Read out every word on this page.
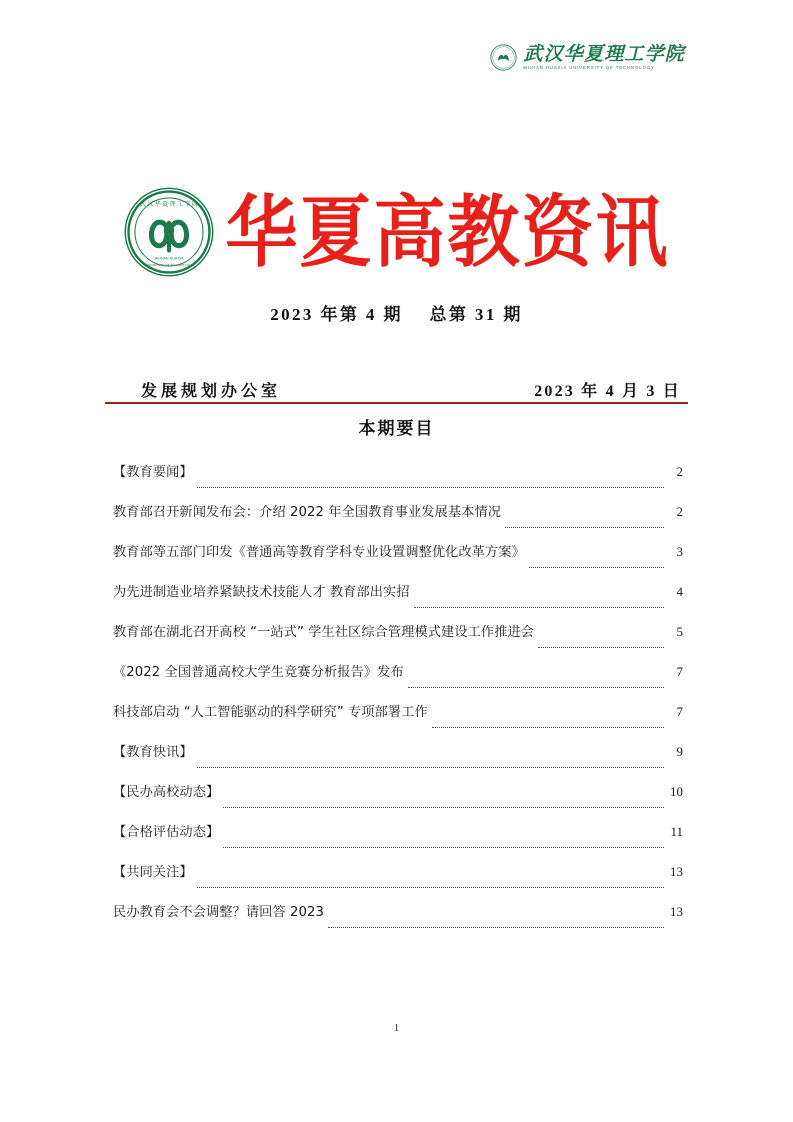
武汉华夏理工学院
WUHAN HUAXIA UNIVERSITY OF TECHNOLOGY
武 汉 华 夏 理 工 学 院
WUHAN HUAXIA
UNIVERSITY OF TECHNOLOGY 华夏高教资讯
2023 年第 4 期    总第 31 期
发展规划办公室	2023 年 4 月 3 日
本期要目
【教育要闻】	2
教育部召开新闻发布会：介绍 2022 年全国教育事业发展基本情况	2
教育部等五部门印发《普通高等教育学科专业设置调整优化改革方案》	3
为先进制造业培养紧缺技术技能人才 教育部出实招	4
教育部在湖北召开高校 “一站式” 学生社区综合管理模式建设工作推进会	5
《2022 全国普通高校大学生竞赛分析报告》发布	7
科技部启动 “人工智能驱动的科学研究” 专项部署工作	7
【教育快讯】	9
【民办高校动态】	10
【合格评估动态】	11
【共同关注】	13
民办教育会不会调整？请回答 2023	13
1
